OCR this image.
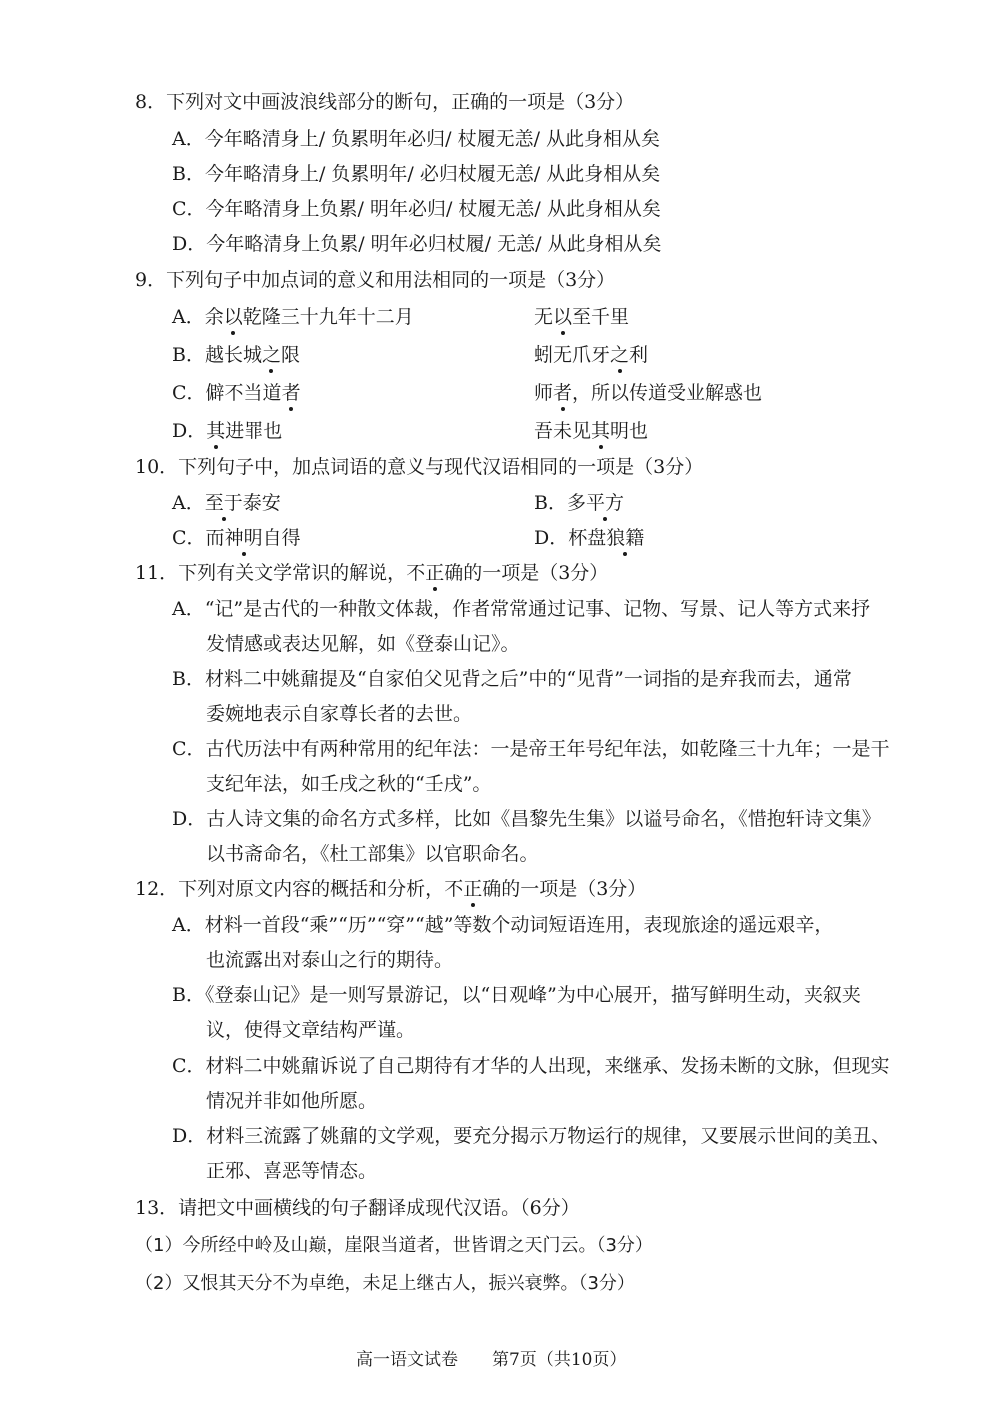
8．下列对文中画波浪线部分的断句，正确的一项是（3分）
A．今年略清身上/ 负累明年必归/ 杖履无恙/ 从此身相从矣
B．今年略清身上/ 负累明年/ 必归杖履无恙/ 从此身相从矣
C．今年略清身上负累/ 明年必归/ 杖履无恙/ 从此身相从矣
D．今年略清身上负累/ 明年必归杖履/ 无恙/ 从此身相从矣
9．下列句子中加点词的意义和用法相同的一项是（3分）
A．余以乾隆三十九年十二月	无以至千里
B．越长城之限	蚓无爪牙之利
C．僻不当道者	师者，所以传道受业解惑也
D．其进罪也	吾未见其明也
10．下列句子中，加点词语的意义与现代汉语相同的一项是（3分）
A．至于泰安	B．多平方
C．而神明自得	D．杯盘狼籍
11．下列有关文学常识的解说，不正确的一项是（3分）
A．“记”是古代的一种散文体裁，作者常常通过记事、记物、写景、记人等方式来抒
发情感或表达见解，如《登泰山记》。
B．材料二中姚鼐提及“自家伯父见背之后”中的“见背”一词指的是弃我而去，通常
委婉地表示自家尊长者的去世。
C．古代历法中有两种常用的纪年法：一是帝王年号纪年法，如乾隆三十九年；一是干
支纪年法，如壬戌之秋的“壬戌”。
D．古人诗文集的命名方式多样，比如《昌黎先生集》以谥号命名，《惜抱轩诗文集》
以书斋命名，《杜工部集》以官职命名。
12．下列对原文内容的概括和分析，不正确的一项是（3分）
A．材料一首段“乘”“历”“穿”“越”等数个动词短语连用，表现旅途的遥远艰辛，
也流露出对泰山之行的期待。
B．《登泰山记》是一则写景游记，以“日观峰”为中心展开，描写鲜明生动，夹叙夹
议，使得文章结构严谨。
C．材料二中姚鼐诉说了自己期待有才华的人出现，来继承、发扬未断的文脉，但现实
情况并非如他所愿。
D．材料三流露了姚鼐的文学观，要充分揭示万物运行的规律，又要展示世间的美丑、
正邪、喜恶等情态。
13．请把文中画横线的句子翻译成现代汉语。（6分）
（1）今所经中岭及山巅，崖限当道者，世皆谓之天门云。（3分）
（2）又恨其天分不为卓绝，未足上继古人，振兴衰弊。（3分）
高一语文试卷　　 第7页（共10页）
